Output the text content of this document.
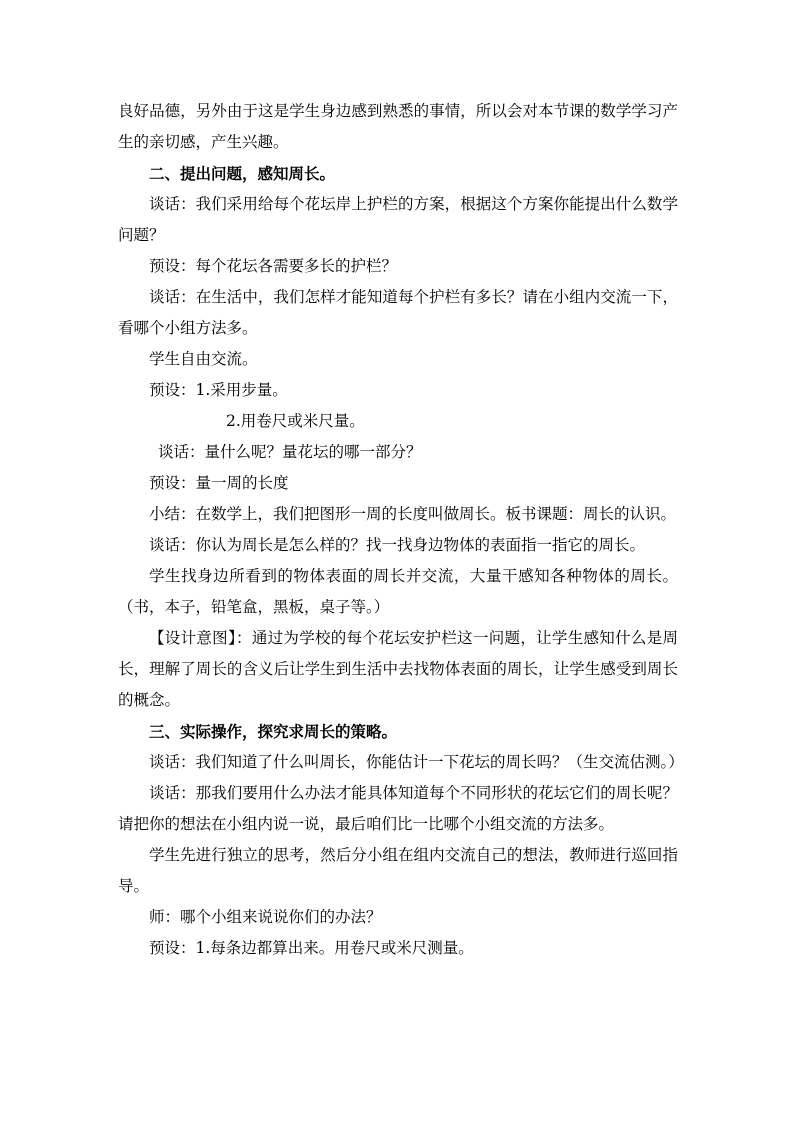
良好品德，另外由于这是学生身边感到熟悉的事情，所以会对本节课的数学学习产生的亲切感，产生兴趣。

二、提出问题，感知周长。

谈话：我们采用给每个花坛岸上护栏的方案，根据这个方案你能提出什么数学问题？

预设：每个花坛各需要多长的护栏？

谈话：在生活中，我们怎样才能知道每个护栏有多长？请在小组内交流一下，看哪个小组方法多。

学生自由交流。

预设：1.采用步量。

2.用卷尺或米尺量。

谈话：量什么呢？量花坛的哪一部分？

预设：量一周的长度

小结：在数学上，我们把图形一周的长度叫做周长。板书课题：周长的认识。

谈话：你认为周长是怎么样的？找一找身边物体的表面指一指它的周长。

学生找身边所看到的物体表面的周长并交流，大量干感知各种物体的周长。（书，本子，铅笔盒，黑板，桌子等。）

【设计意图】：通过为学校的每个花坛安护栏这一问题，让学生感知什么是周长，理解了周长的含义后让学生到生活中去找物体表面的周长，让学生感受到周长的概念。

三、实际操作，探究求周长的策略。

谈话：我们知道了什么叫周长，你能估计一下花坛的周长吗？（生交流估测。）

谈话：那我们要用什么办法才能具体知道每个不同形状的花坛它们的周长呢？请把你的想法在小组内说一说，最后咱们比一比哪个小组交流的方法多。

学生先进行独立的思考，然后分小组在组内交流自己的想法，教师进行巡回指导。

师：哪个小组来说说你们的办法？

预设：1.每条边都算出来。用卷尺或米尺测量。
